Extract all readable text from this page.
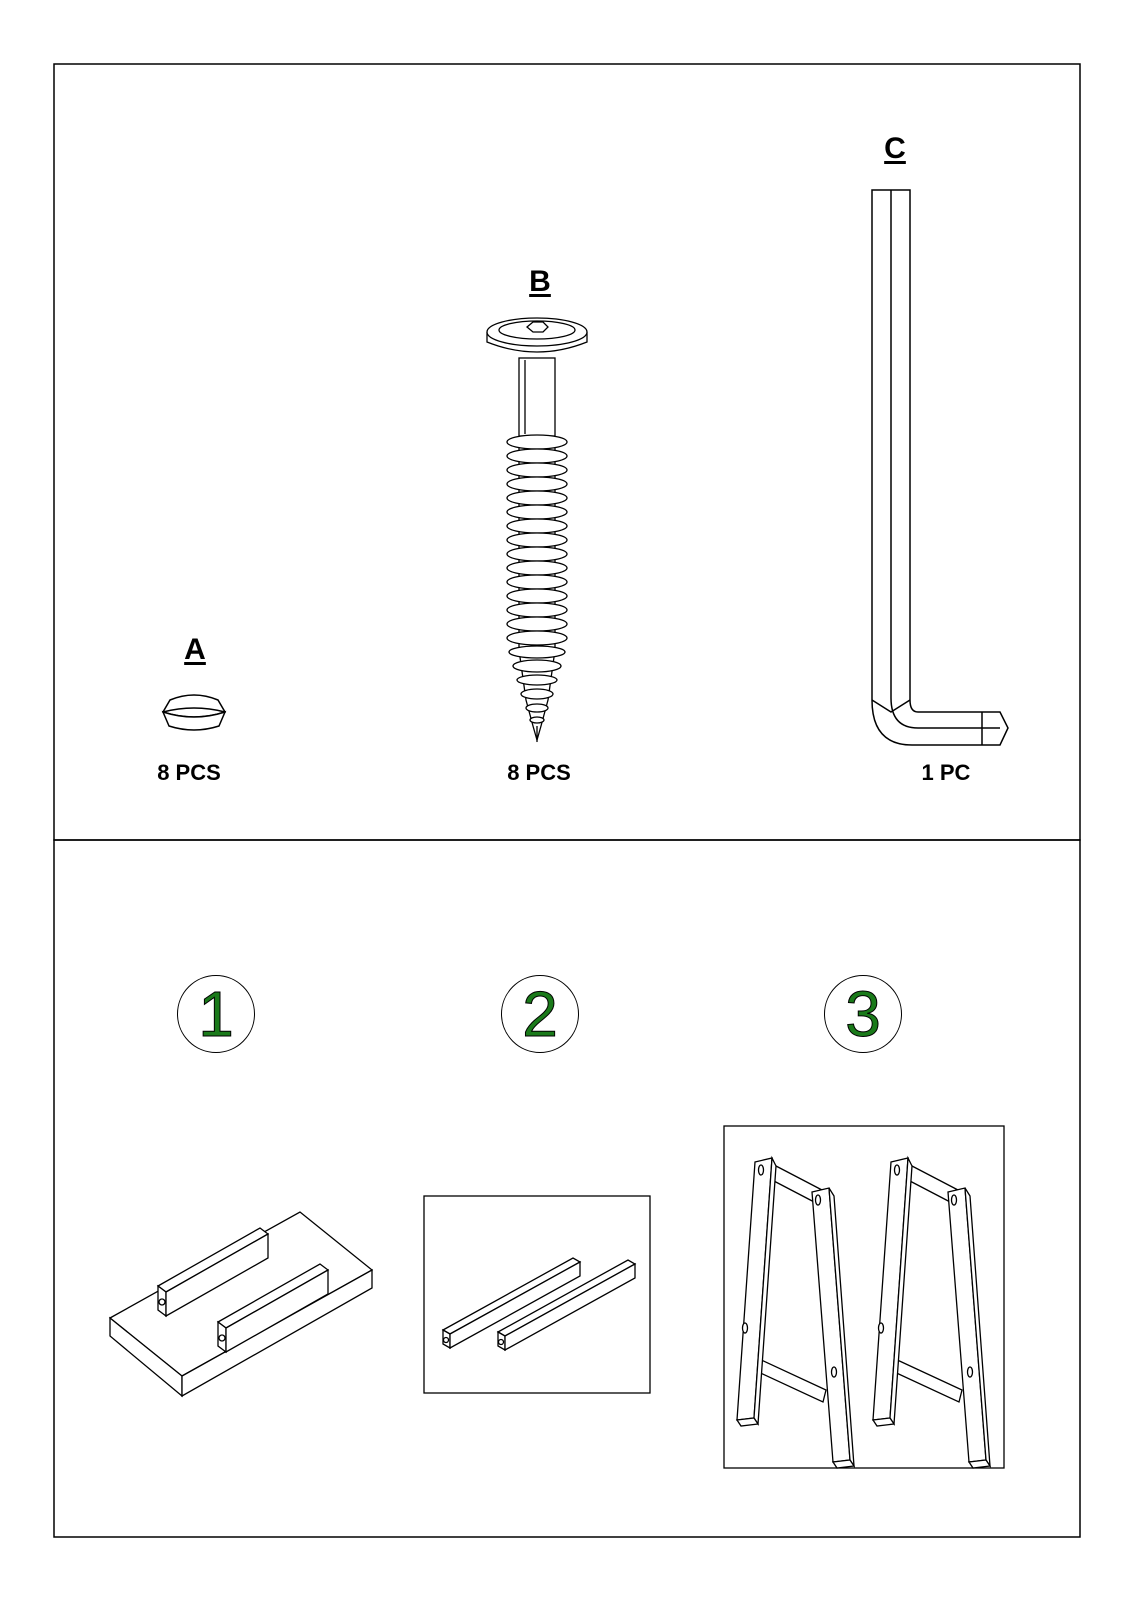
A
8 PCS
B
8 PCS
C
1 PC
1	2	3
